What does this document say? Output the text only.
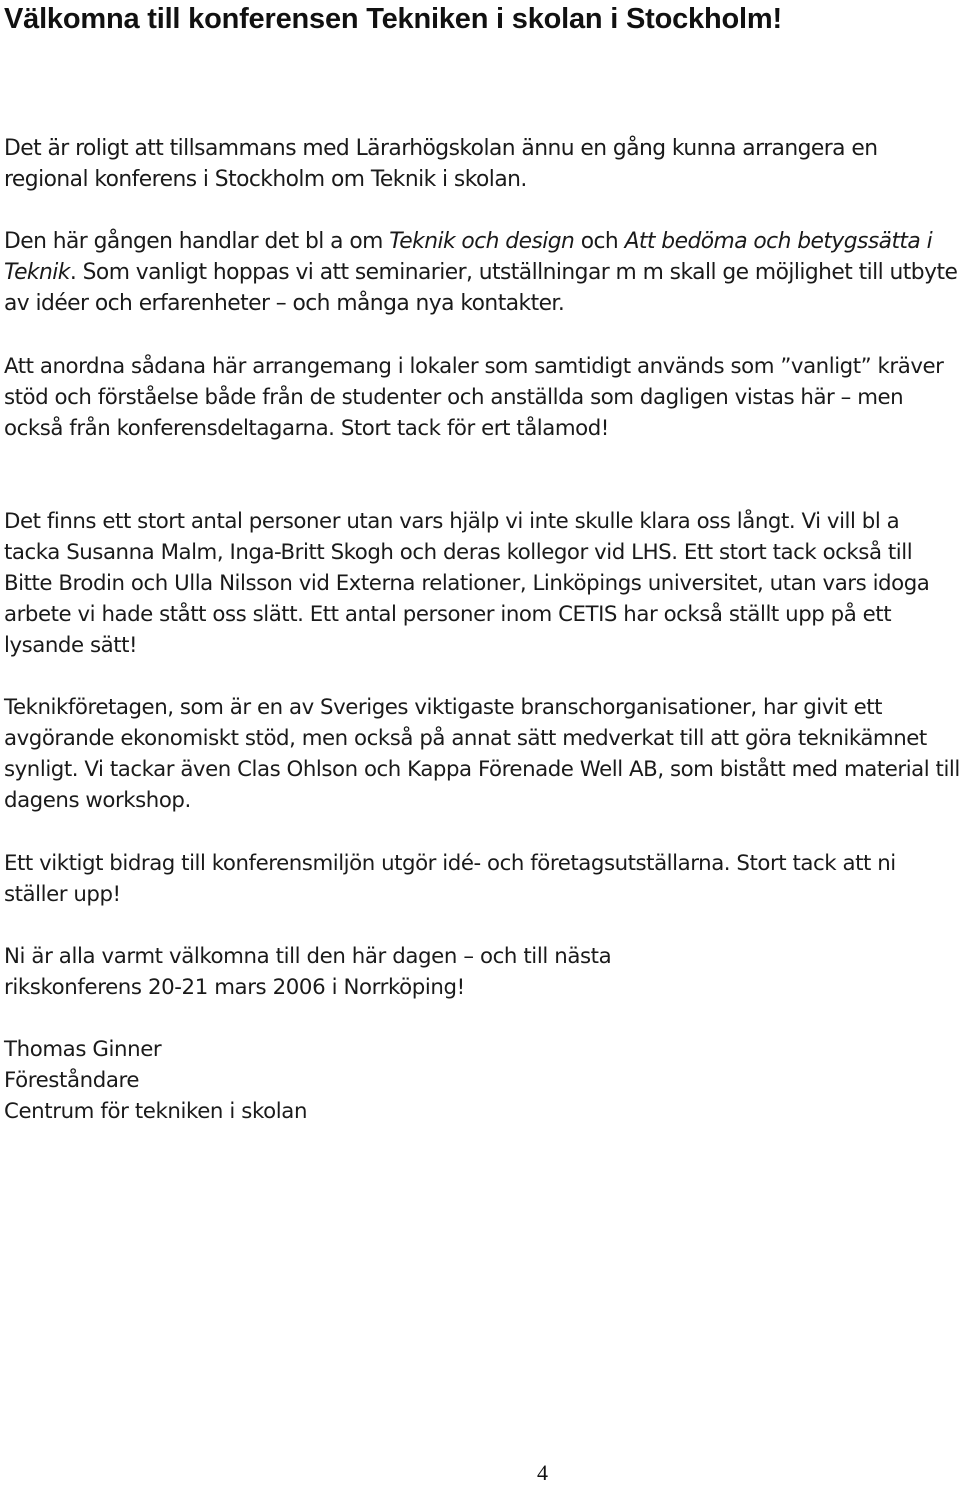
Välkomna till konferensen Tekniken i skolan i Stockholm!

Det är roligt att tillsammans med Lärarhögskolan ännu en gång kunna arrangera en regional konferens i Stockholm om Teknik i skolan.

Den här gången handlar det bl a om Teknik och design och Att bedöma och betygssätta i Teknik. Som vanligt hoppas vi att seminarier, utställningar m m skall ge möjlighet till utbyte av idéer och erfarenheter – och många nya kontakter.

Att anordna sådana här arrangemang i lokaler som samtidigt används som ”vanligt” kräver stöd och förståelse både från de studenter och anställda som dagligen vistas här – men också från konferensdeltagarna. Stort tack för ert tålamod!

Det finns ett stort antal personer utan vars hjälp vi inte skulle klara oss långt. Vi vill bl a tacka Susanna Malm, Inga-Britt Skogh och deras kollegor vid LHS. Ett stort tack också till Bitte Brodin och Ulla Nilsson vid Externa relationer, Linköpings universitet, utan vars idoga arbete vi hade stått oss slätt. Ett antal personer inom CETIS har också ställt upp på ett lysande sätt!

Teknikföretagen, som är en av Sveriges viktigaste branschorganisationer, har givit ett avgörande ekonomiskt stöd, men också på annat sätt medverkat till att göra teknikämnet synligt. Vi tackar även Clas Ohlson och Kappa Förenade Well AB, som bistått med material till dagens workshop.

Ett viktigt bidrag till konferensmiljön utgör idé- och företagsutställarna. Stort tack att ni ställer upp!

Ni är alla varmt välkomna till den här dagen – och till nästa
rikskonferens 20-21 mars 2006 i Norrköping!
Thomas Ginner
Föreståndare
Centrum för tekniken i skolan
4
